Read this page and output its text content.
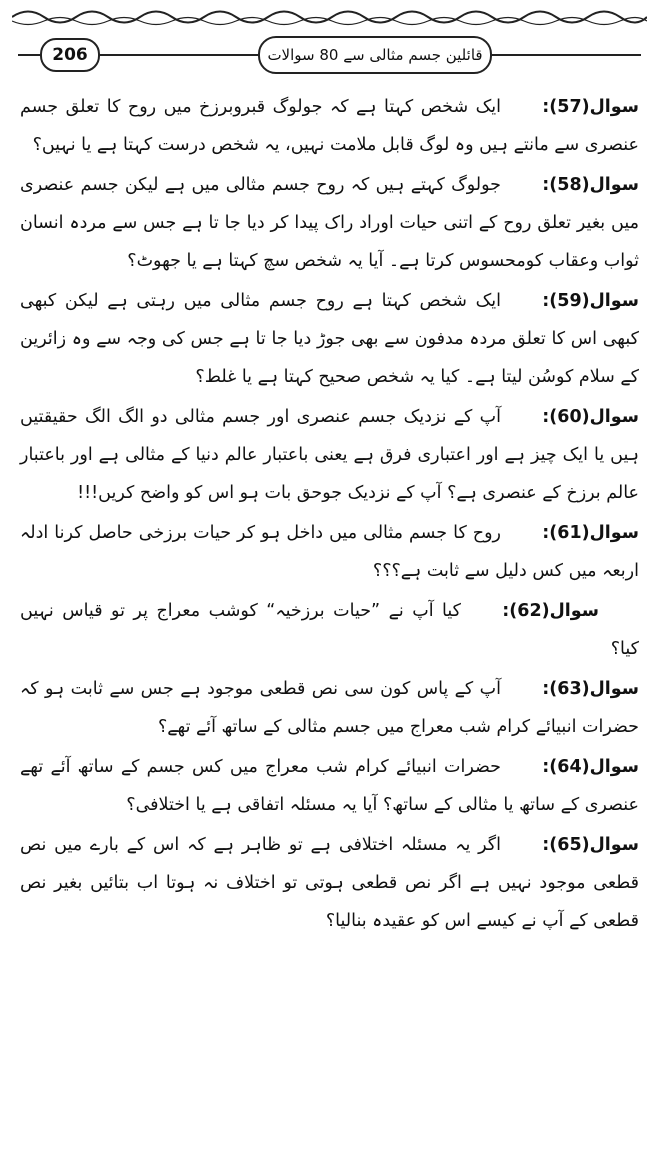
206	قائلین جسم مثالی سے 80 سوالات

سوال(57):ایک شخص کہتا ہے کہ جولوگ قبروبرزخ میں روح کا تعلق جسم عنصری سے مانتے ہیں وہ لوگ قابل ملامت نہیں، یہ شخص درست کہتا ہے یا نہیں؟

سوال(58):جولوگ کہتے ہیں کہ روح جسم مثالی میں ہے لیکن جسم عنصری میں بغیر تعلق روح کے اتنی حیات اوراد راک پیدا کر دیا جا تا ہے جس سے مردہ انسان ثواب وعقاب کومحسوس کرتا ہے۔ آیا یہ شخص سچ کہتا ہے یا جھوٹ؟

سوال(59):ایک شخص کہتا ہے روح جسم مثالی میں رہتی ہے لیکن کبھی کبھی اس کا تعلق مردہ مدفون سے بھی جوڑ دیا جا تا ہے جس کی وجہ سے وہ زائرین کے سلام کوسُن لیتا ہے۔ کیا یہ شخص صحیح کہتا ہے یا غلط؟

سوال(60):آپ کے نزدیک جسم عنصری اور جسم مثالی دو الگ الگ حقیقتیں ہیں یا ایک چیز ہے اور اعتباری فرق ہے یعنی باعتبار عالم دنیا کے مثالی ہے اور باعتبار عالم برزخ کے عنصری ہے؟ آپ کے نزدیک جوحق بات ہو اس کو واضح کریں!!!

سوال(61):روح کا جسم مثالی میں داخل ہو کر حیات برزخی حاصل کرنا ادلہ اربعہ میں کس دلیل سے ثابت ہے؟؟؟

سوال(62):کیا آپ نے ”حیات برزخیہ“ کوشب معراج پر تو قیاس نہیں کیا؟

سوال(63):آپ کے پاس کون سی نص قطعی موجود ہے جس سے ثابت ہو کہ حضرات انبیائے کرام شب معراج میں جسم مثالی کے ساتھ آئے تھے؟

سوال(64):حضرات انبیائے کرام شب معراج میں کس جسم کے ساتھ آئے تھے عنصری کے ساتھ یا مثالی کے ساتھ؟ آیا یہ مسئلہ اتفاقی ہے یا اختلافی؟

سوال(65):اگر یہ مسئلہ اختلافی ہے تو ظاہر ہے کہ اس کے بارے میں نص قطعی موجود نہیں ہے اگر نص قطعی ہوتی تو اختلاف نہ ہوتا اب بتائیں بغیر نص قطعی کے آپ نے کیسے اس کو عقیدہ بنالیا؟
